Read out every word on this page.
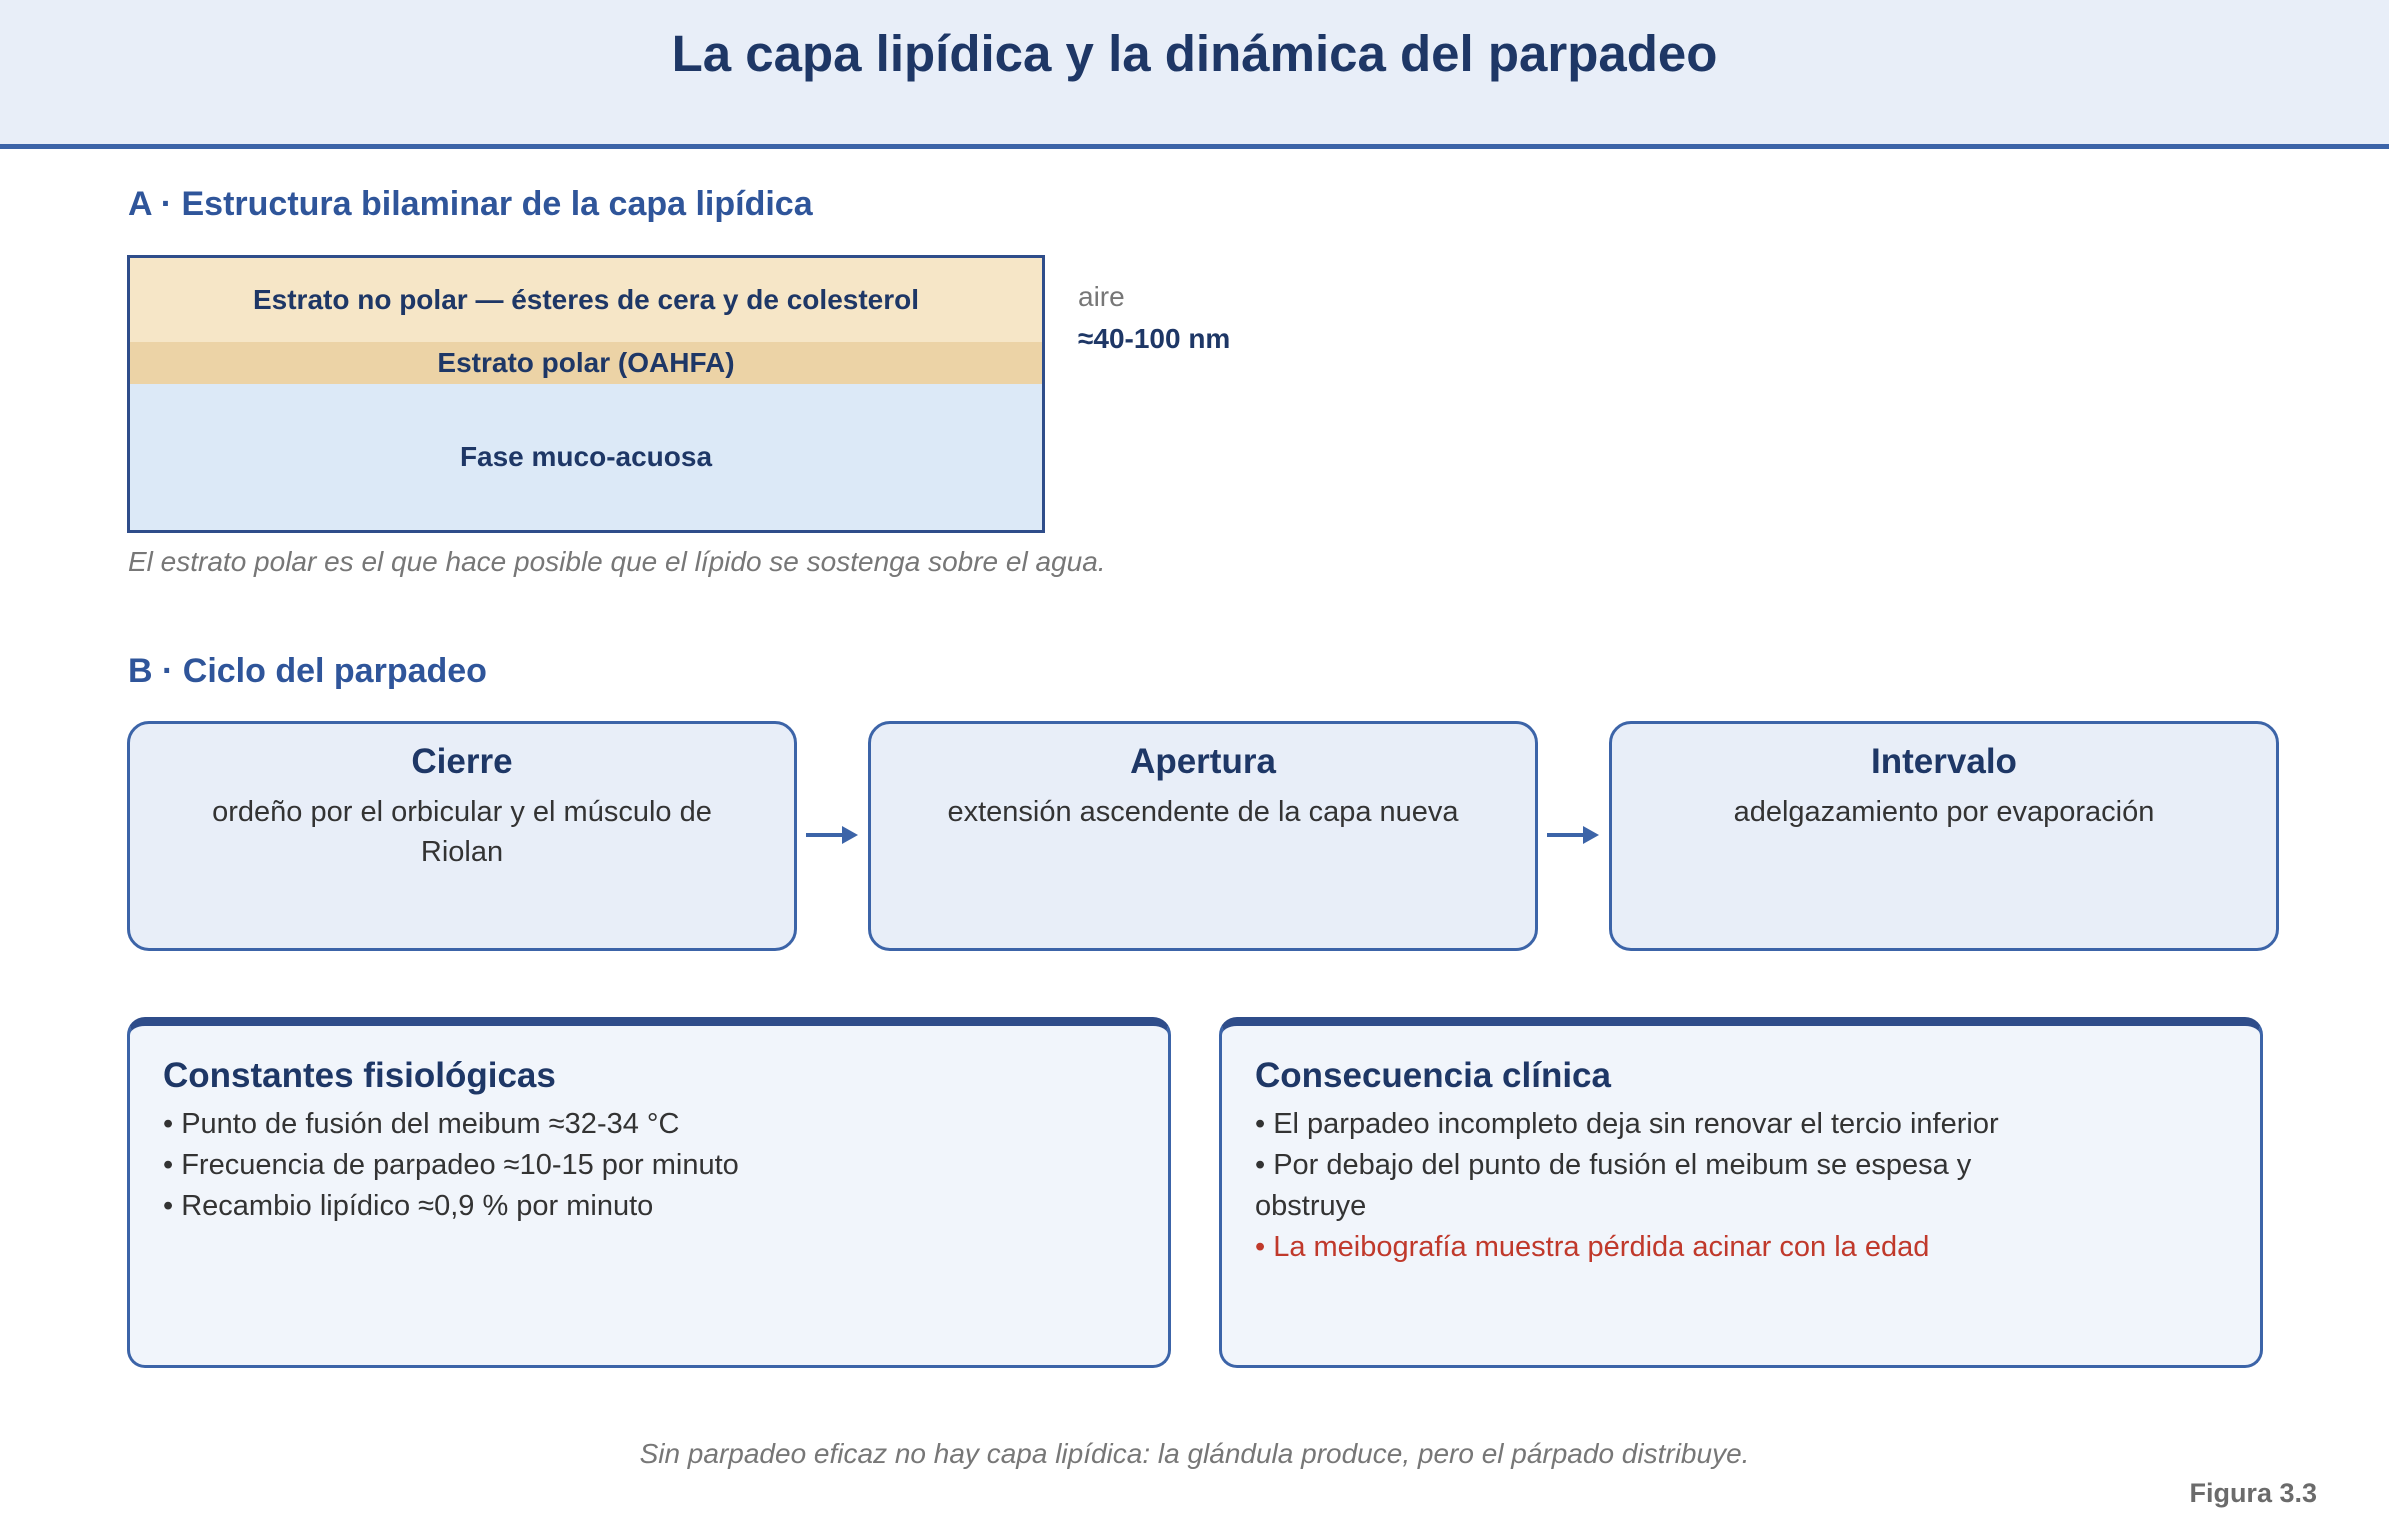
La capa lipídica y la dinámica del parpadeo
A · Estructura bilaminar de la capa lipídica
Estrato no polar — ésteres de cera y de colesterol
Estrato polar (OAHFA)
Fase muco-acuosa
aire
≈40-100 nm
El estrato polar es el que hace posible que el lípido se sostenga sobre el agua.
B · Ciclo del parpadeo
Cierre
ordeño por el orbicular y el músculo de Riolan
Apertura
extensión ascendente de la capa nueva
Intervalo
adelgazamiento por evaporación
Constantes fisiológicas
• Punto de fusión del meibum ≈32-34 °C
• Frecuencia de parpadeo ≈10-15 por minuto
• Recambio lipídico ≈0,9 % por minuto
Consecuencia clínica
• El parpadeo incompleto deja sin renovar el tercio inferior
• Por debajo del punto de fusión el meibum se espesa y obstruye
• La meibografía muestra pérdida acinar con la edad
Sin parpadeo eficaz no hay capa lipídica: la glándula produce, pero el párpado distribuye.
Figura 3.3
